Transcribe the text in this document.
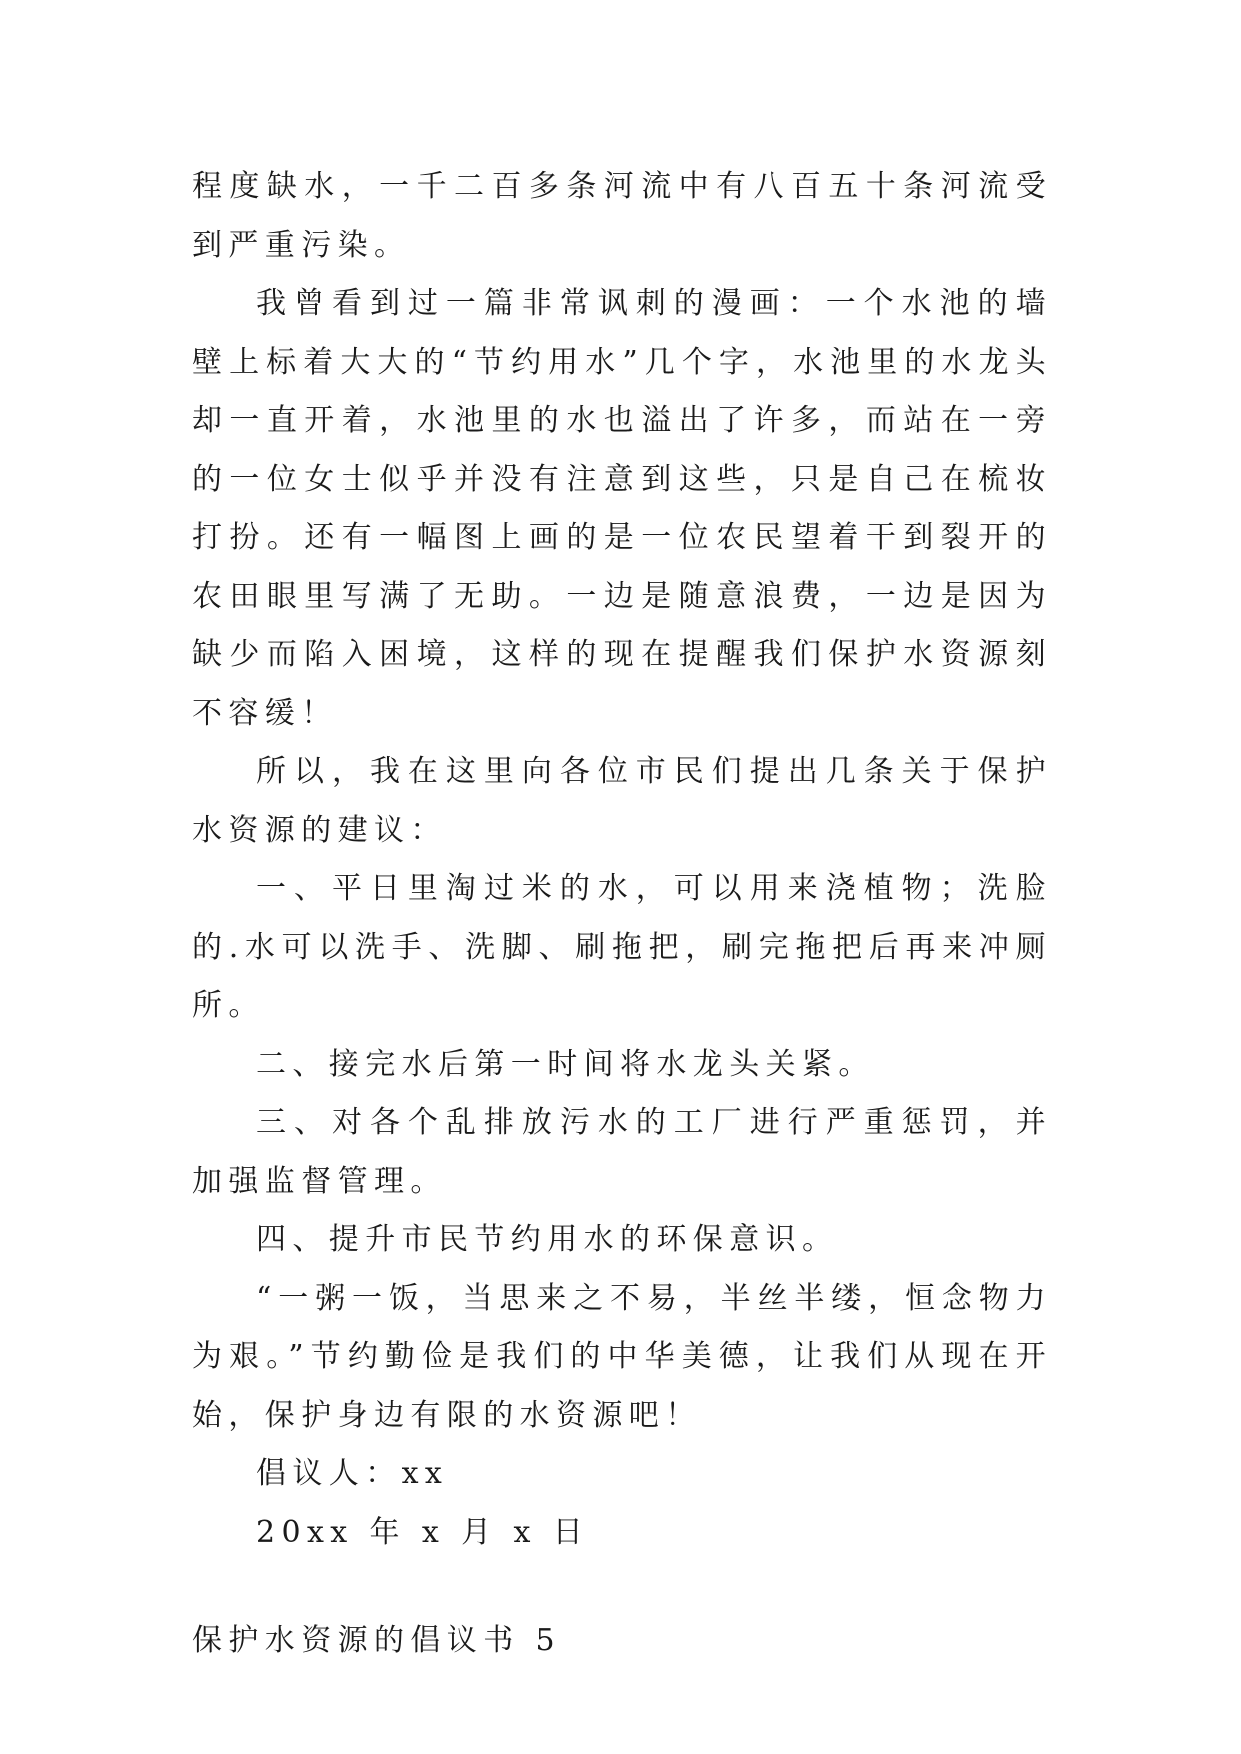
程度缺水，一千二百多条河流中有八百五十条河流受到严重污染。

我曾看到过一篇非常讽刺的漫画：一个水池的墙壁上标着大大的“节约用水”几个字，水池里的水龙头却一直开着，水池里的水也溢出了许多，而站在一旁的一位女士似乎并没有注意到这些，只是自己在梳妆打扮。还有一幅图上画的是一位农民望着干到裂开的农田眼里写满了无助。一边是随意浪费，一边是因为缺少而陷入困境，这样的现在提醒我们保护水资源刻不容缓！

所以，我在这里向各位市民们提出几条关于保护水资源的建议：

一、平日里淘过米的水，可以用来浇植物；洗脸的.水可以洗手、洗脚、刷拖把，刷完拖把后再来冲厕所。

二、接完水后第一时间将水龙头关紧。

三、对各个乱排放污水的工厂进行严重惩罚，并加强监督管理。

四、提升市民节约用水的环保意识。

“一粥一饭，当思来之不易，半丝半缕，恒念物力为艰。”节约勤俭是我们的中华美德，让我们从现在开始，保护身边有限的水资源吧！

倡议人：xx

20xx 年 x 月 x 日

保护水资源的倡议书 5
